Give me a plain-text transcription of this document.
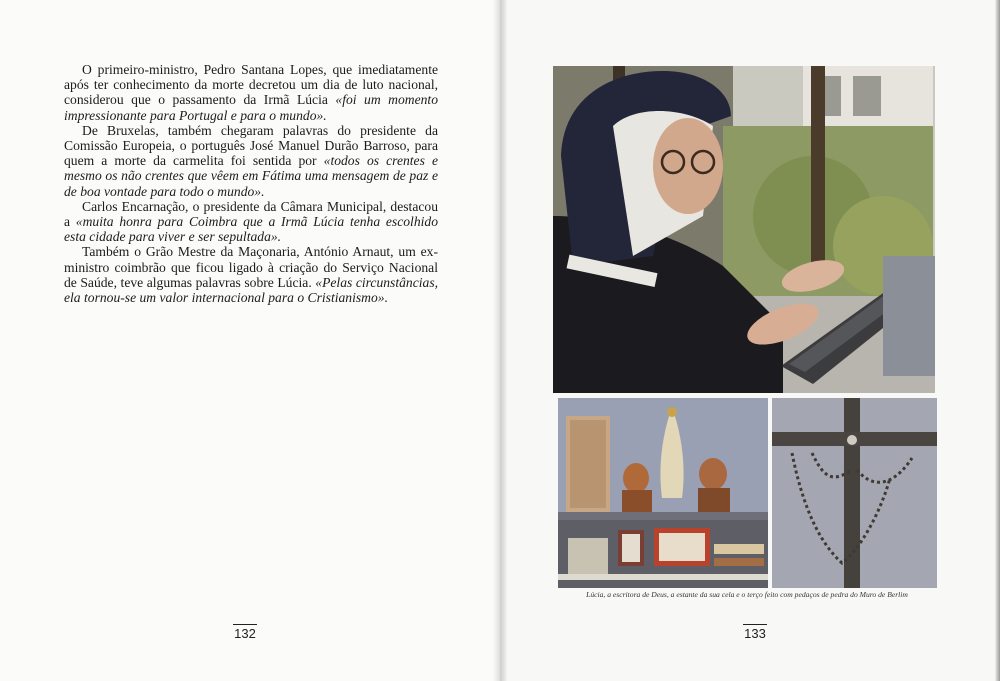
O primeiro-ministro, Pedro Santana Lopes, que imediatamente após ter conhecimento da morte decretou um dia de luto nacional, considerou que o passamento da Irmã Lúcia «foi um momento impressionante para Portugal e para o mundo».

De Bruxelas, também chegaram palavras do presidente da Comissão Europeia, o português José Manuel Durão Barroso, para quem a morte da carmelita foi sentida por «todos os crentes e mesmo os não crentes que vêem em Fátima uma mensagem de paz e de boa vontade para todo o mundo».

Carlos Encarnação, o presidente da Câmara Municipal, destacou a «muita honra para Coimbra que a Irmã Lúcia tenha escolhido esta cidade para viver e ser sepultada».

Também o Grão Mestre da Maçonaria, António Arnaut, um ex-ministro coimbrão que ficou ligado à criação do Serviço Nacional de Saúde, teve algumas palavras sobre Lúcia. «Pelas circunstâncias, ela tornou-se um valor internacional para o Cristianismo».

132
Lúcia, a escritora de Deus, a estante da sua cela e o terço feito com pedaços de pedra do Muro de Berlim
133
